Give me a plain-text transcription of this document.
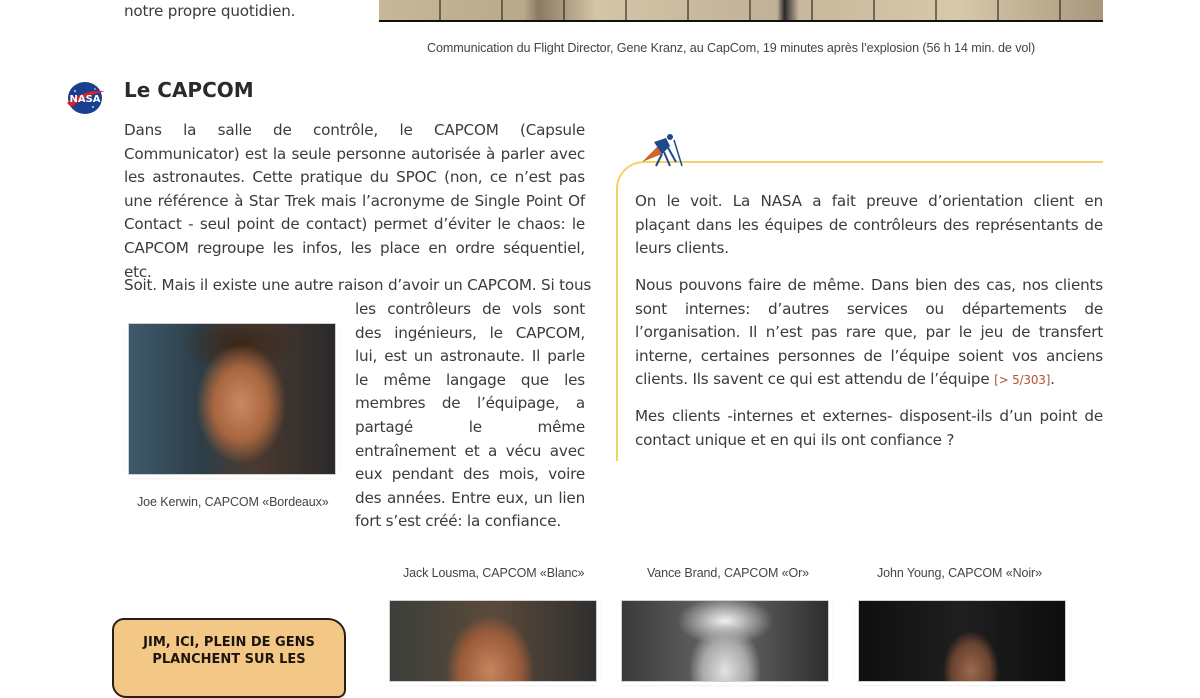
notre propre quotidien.
Communication du Flight Director, Gene Kranz, au CapCom, 19 minutes après l’explosion (56 h 14 min. de vol)
NASA Le CAPCOM

Dans la salle de contrôle, le CAPCOM (Capsule Communicator) est la seule personne autorisée à parler avec les astronautes. Cette pratique du SPOC (non, ce n’est pas une référence à Star Trek mais l’acronyme de Single Point Of Contact - seul point de contact) permet d’éviter le chaos: le CAPCOM regroupe les infos, les place en ordre séquentiel, etc.

Soit. Mais il existe une autre raison d’avoir un CAPCOM. Si tous

les contrôleurs de vols sont des ingénieurs, le CAPCOM, lui, est un astronaute. Il parle le même langage que les membres de l’équipage, a partagé le même entraînement et a vécu avec eux pendant des mois, voire des années. Entre eux, un lien fort s’est créé: la confiance.

Joe Kerwin, CAPCOM «Bordeaux»

On le voit. La NASA a fait preuve d’orientation client en plaçant dans les équipes de contrôleurs des représentants de leurs clients.

Nous pouvons faire de même. Dans bien des cas, nos clients sont internes: d’autres services ou départements de l’organisation. Il n’est pas rare que, par le jeu de transfert interne, certaines personnes de l’équipe soient vos anciens clients. Ils savent ce qui est attendu de l’équipe [> 5/303].

Mes clients -internes et externes- disposent-ils d’un point de contact unique et en qui ils ont confiance ?

JIM, ICI, PLEIN DE GENS PLANCHENT SUR LES
Jack Lousma, CAPCOM «Blanc»	Vance Brand, CAPCOM «Or»	John Young, CAPCOM «Noir»
